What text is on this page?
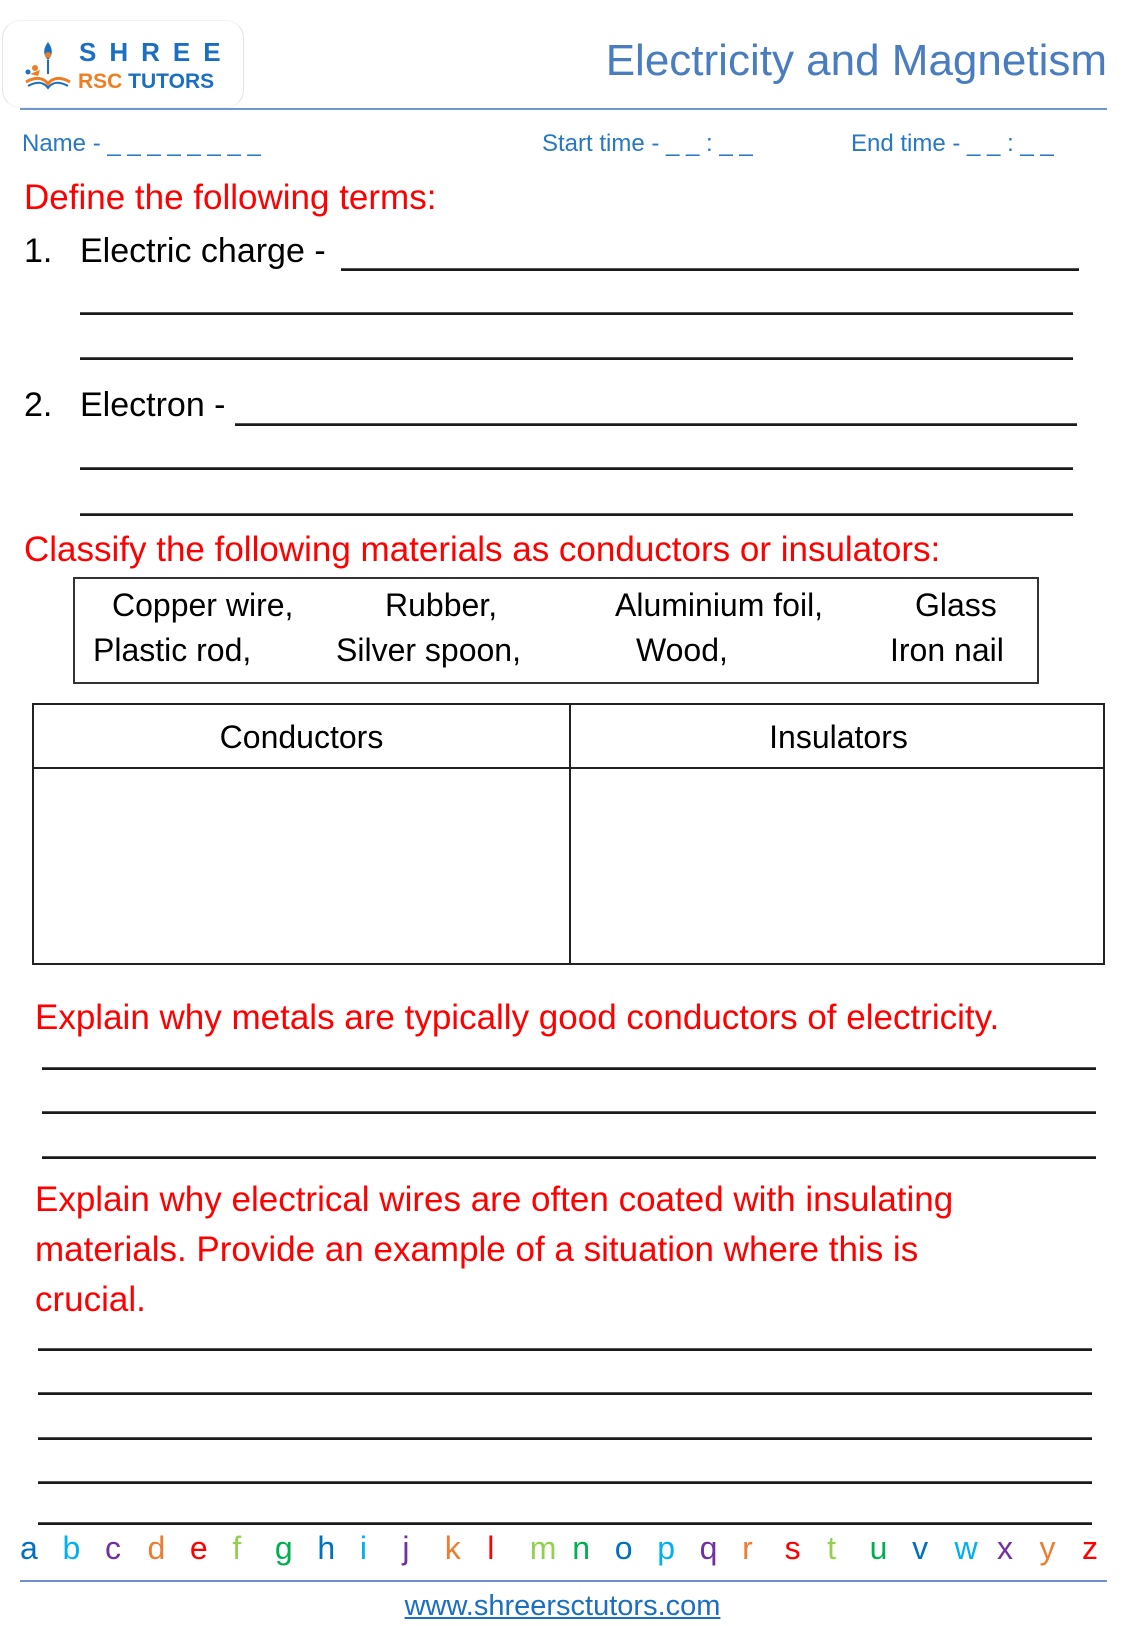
SHREE
RSC TUTORS	Electricity and Magnetism
Name - _ _ _ _ _ _ _ _	Start time - _ _ : _ _	End time - _ _ : _ _
Define the following terms:
1. Electric charge -
2. Electron -
Classify the following materials as conductors or insulators:
Copper wire,	Rubber,	Aluminium foil,	Glass
Plastic rod,	Silver spoon,	Wood,	Iron nail
Conductors	Insulators
Explain why metals are typically good conductors of electricity.
Explain why electrical wires are often coated with insulating
materials. Provide an example of a situation where this is
crucial.
a b c d e f g h i j k l m n o p q r s t u v w x y z
www.shreersctutors.com
